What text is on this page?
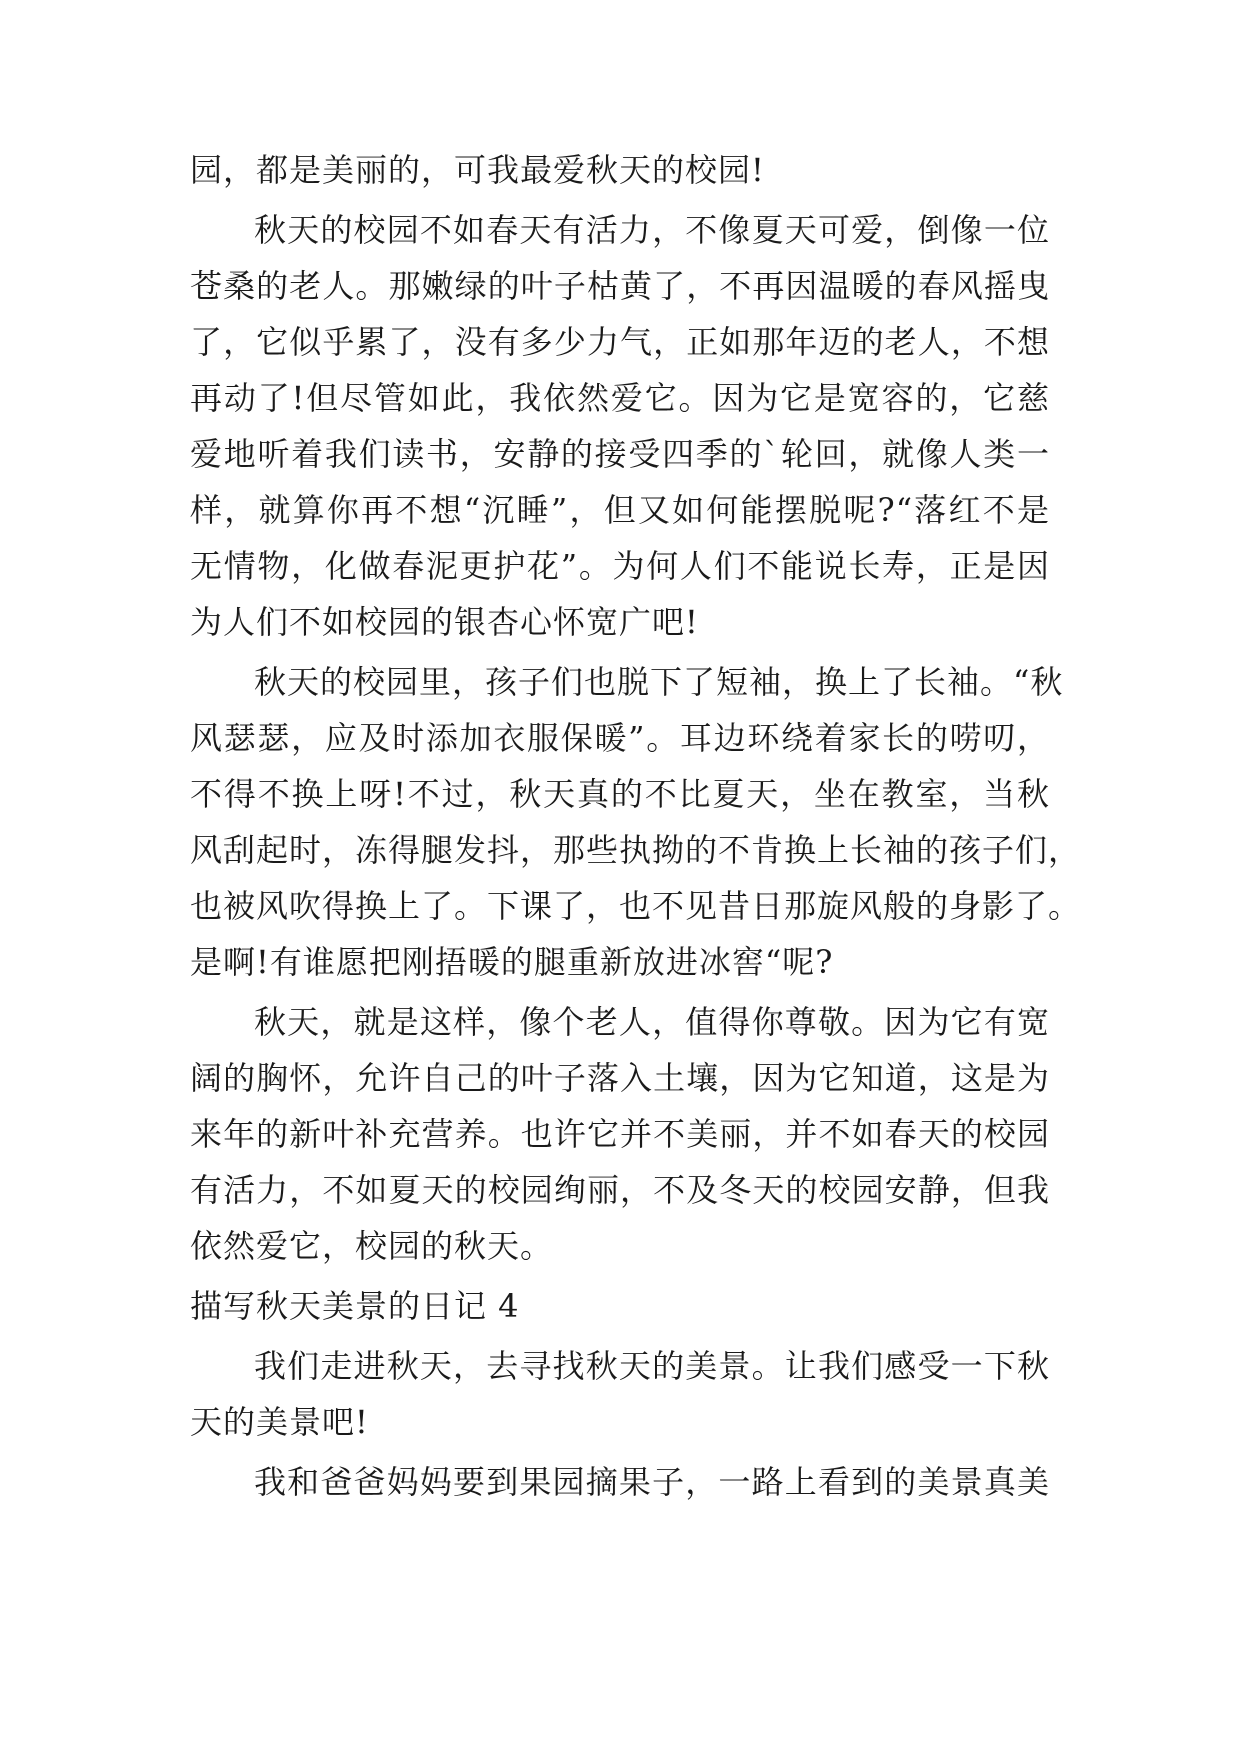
园，都是美丽的，可我最爱秋天的校园!
秋天的校园不如春天有活力，不像夏天可爱，倒像一位
苍桑的老人。那嫩绿的叶子枯黄了，不再因温暖的春风摇曳
了，它似乎累了，没有多少力气，正如那年迈的老人，不想
再动了!但尽管如此，我依然爱它。因为它是宽容的，它慈
爱地听着我们读书，安静的接受四季的`轮回，就像人类一
样，就算你再不想“沉睡”，但又如何能摆脱呢?“落红不是
无情物，化做春泥更护花”。为何人们不能说长寿，正是因
为人们不如校园的银杏心怀宽广吧!
秋天的校园里，孩子们也脱下了短袖，换上了长袖。“秋
风瑟瑟，应及时添加衣服保暖”。耳边环绕着家长的唠叨，
不得不换上呀!不过，秋天真的不比夏天，坐在教室，当秋
风刮起时，冻得腿发抖，那些执拗的不肯换上长袖的孩子们，
也被风吹得换上了。下课了，也不见昔日那旋风般的身影了。
是啊!有谁愿把刚捂暖的腿重新放进冰窖“呢?
秋天，就是这样，像个老人，值得你尊敬。因为它有宽
阔的胸怀，允许自己的叶子落入土壤，因为它知道，这是为
来年的新叶补充营养。也许它并不美丽，并不如春天的校园
有活力，不如夏天的校园绚丽，不及冬天的校园安静，但我
依然爱它，校园的秋天。
描写秋天美景的日记 4
我们走进秋天，去寻找秋天的美景。让我们感受一下秋
天的美景吧!
我和爸爸妈妈要到果园摘果子，一路上看到的美景真美
